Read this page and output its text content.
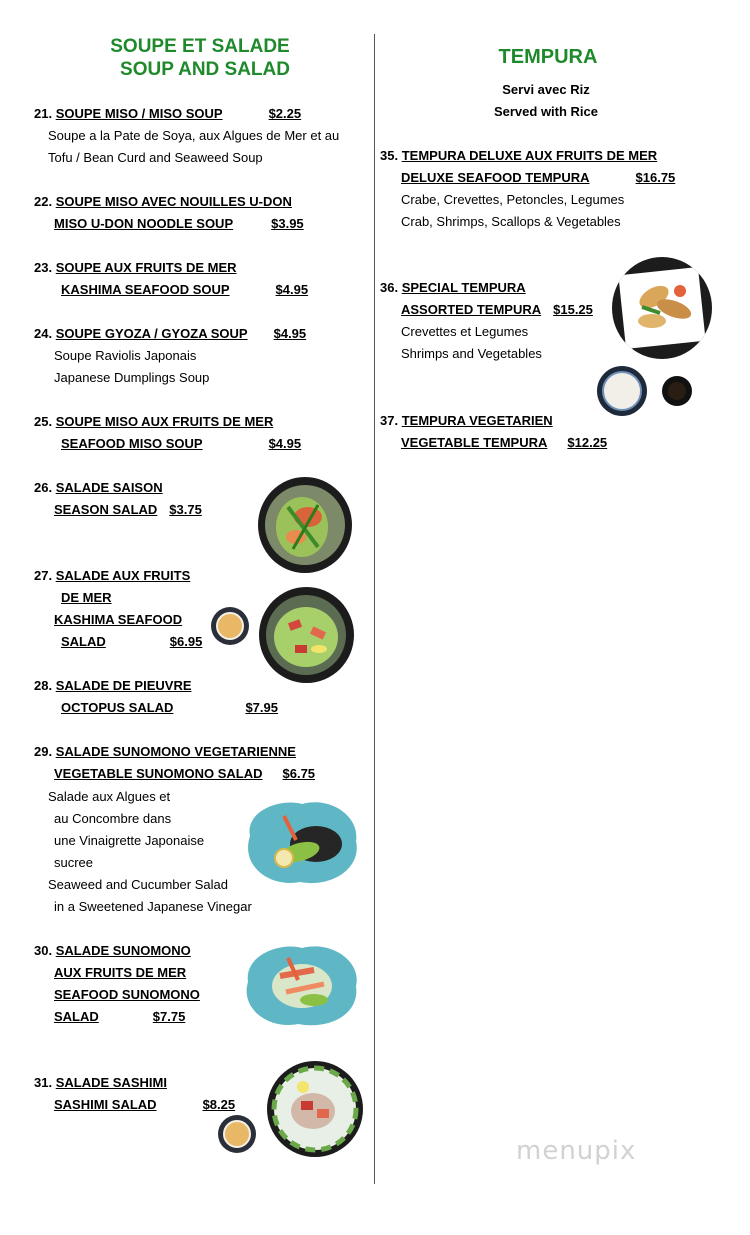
SOUPE ET SALADE
SOUP AND SALAD
TEMPURA
Servi avec Riz
Served with Rice
21. SOUPE MISO / MISO SOUP	$2.25
Soupe a la Pate de Soya, aux Algues de Mer et au
Tofu / Bean Curd and Seaweed Soup
22. SOUPE MISO AVEC NOUILLES U-DON
MISO U-DON NOODLE SOUP	$3.95
23. SOUPE AUX FRUITS DE MER
KASHIMA SEAFOOD SOUP	$4.95
24. SOUPE GYOZA / GYOZA SOUP $4.95
Soupe Raviolis Japonais
Japanese Dumplings Soup
25. SOUPE MISO AUX FRUITS DE MER
SEAFOOD MISO SOUP	$4.95
26. SALADE SAISON
SEASON SALAD $3.75
27. SALADE AUX FRUITS
DE MER
KASHIMA SEAFOOD
SALAD	$6.95
28. SALADE DE PIEUVRE
OCTOPUS SALAD	$7.95
29. SALADE SUNOMONO VEGETARIENNE
VEGETABLE SUNOMONO SALAD $6.75
Salade aux Algues et
au Concombre dans
une Vinaigrette Japonaise
sucree
Seaweed and Cucumber Salad
in a Sweetened Japanese Vinegar
30. SALADE SUNOMONO
AUX FRUITS DE MER
SEAFOOD SUNOMONO
SALAD	$7.75
31. SALADE SASHIMI
SASHIMI SALAD	$8.25
35. TEMPURA DELUXE AUX FRUITS DE MER
DELUXE SEAFOOD TEMPURA	$16.75
Crabe, Crevettes, Petoncles, Legumes
Crab, Shrimps, Scallops & Vegetables
36. SPECIAL TEMPURA
ASSORTED TEMPURA $15.25
Crevettes et Legumes
Shrimps and Vegetables
37. TEMPURA VEGETARIEN
VEGETABLE TEMPURA $12.25
menupix
